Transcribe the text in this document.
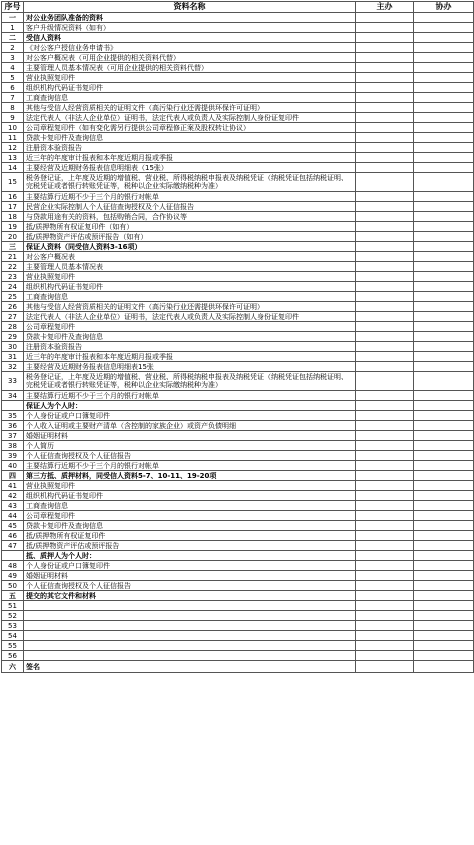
序号	资料名称	主办	协办
一	对公业务团队准备的资料		
1	客户升级情况资料（如有）		
二	受信人资料		
2	《对公客户授信业务申请书》		
3	对公客户概况表（可用企业提供的相关资料代替）		
4	主要管理人员基本情况表（可用企业提供的相关资料代替）		
5	营业执照复印件		
6	组织机构代码证书复印件		
7	工商查询信息		
8	其他与受信人经营资质相关的证明文件（高污染行业还需提供环保许可证明）		
9	法定代表人（非法人企业单位）证明书，法定代表人或负责人及实际控制人身份证复印件		
10	公司章程复印件（如有变化需另行提供公司章程修正案及股权转让协议）		
11	贷款卡复印件及查询信息		
12	注册资本验资报告		
13	近三年的年度审计报表和本年度近期月报或季报		
14	主要经营及近期财务报表信息明细表（15张）		
15	税务登记证，上年度及近期的增值税、营业税、所得税纳税申报表及纳税凭证（纳税凭证包括纳税证明、完税凭证或者银行转账凭证等，税种以企业实际缴纳税种为准）		
16	主要结算行近期不少于三个月的银行对帐单		
17	民营企业实际控制人个人征信查询授权及个人征信报告		
18	与贷款用途有关的资料，包括购销合同，合作协议等		
19	抵/质押物所有权证复印件（如有）		
20	抵/质押物资产评估或预评报告（如有）		
三	保证人资料（同受信人资料3-16项）		
21	对公客户概况表		
22	主要管理人员基本情况表		
23	营业执照复印件		
24	组织机构代码证书复印件		
25	工商查询信息		
26	其他与受信人经营资质相关的证明文件（高污染行业还需提供环保许可证明）		
27	法定代表人（非法人企业单位）证明书，法定代表人或负责人及实际控制人身份证复印件		
28	公司章程复印件		
29	贷款卡复印件及查询信息		
30	注册资本验资报告		
31	近三年的年度审计报表和本年度近期月报或季报		
32	主要经营及近期财务报表信息明细表15张		
33	税务登记证，上年度及近期的增值税、营业税、所得税纳税申报表及纳税凭证（纳税凭证包括纳税证明、完税凭证或者银行转账凭证等，税种以企业实际缴纳税种为准）		
34	主要结算行近期不少于三个月的银行对帐单		
	保证人为个人时：		
35	个人身份证或户口簿复印件		
36	个人收入证明或主要财产清单（含控制的家族企业）或资产负债明细		
37	婚姻证明材料		
38	个人简历		
39	个人征信查询授权及个人征信报告		
40	主要结算行近期不少于三个月的银行对帐单		
四	第三方抵、质押材料，同受信人资料5-7、10-11、19-20项		
41	营业执照复印件		
42	组织机构代码证书复印件		
43	工商查询信息		
44	公司章程复印件		
45	贷款卡复印件及查询信息		
46	抵/质押物所有权证复印件		
47	抵/质押物资产评估或预评报告		
	抵、质押人为个人时：		
48	个人身份证或户口簿复印件		
49	婚姻证明材料		
50	个人征信查询授权及个人征信报告		
五	提交的其它文件和材料		
51			
52			
53			
54			
55			
56			
六	签名		
